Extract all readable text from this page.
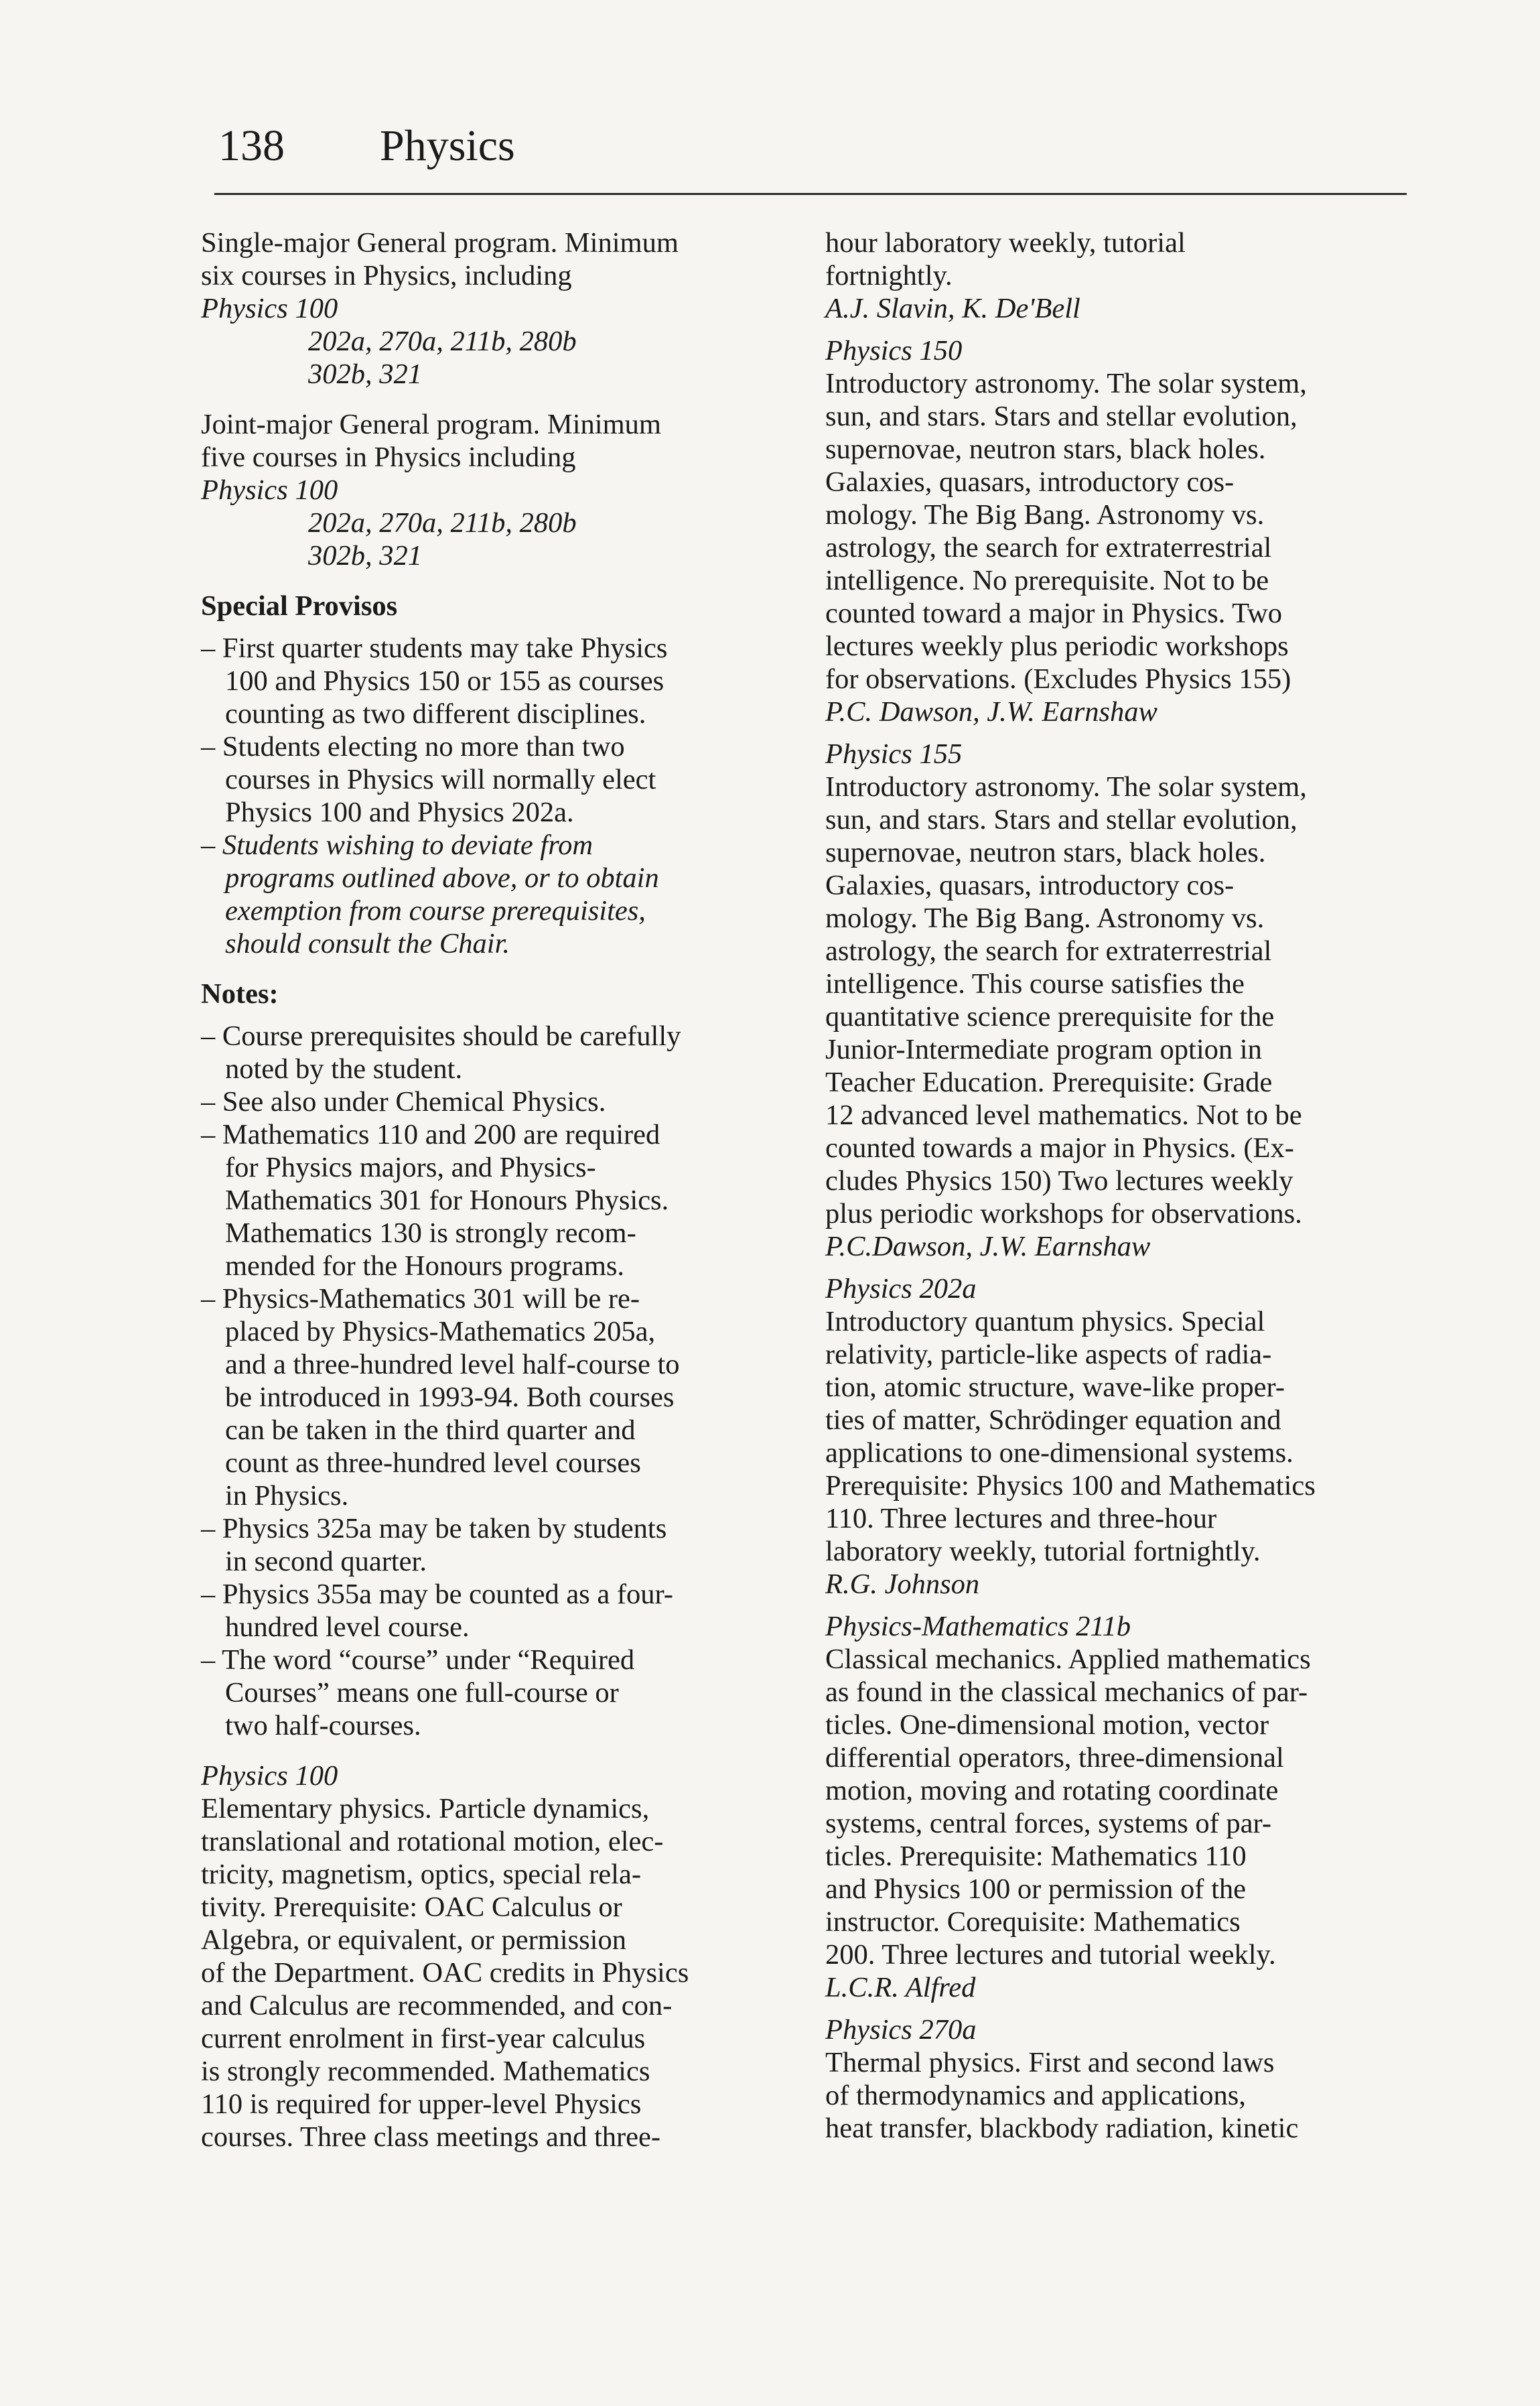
138 Physics
Single-major General program. Minimum
six courses in Physics, including
Physics 100
202a, 270a, 211b, 280b
302b, 321
Joint-major General program. Minimum
five courses in Physics including
Physics 100
202a, 270a, 211b, 280b
302b, 321
Special Provisos
– First quarter students may take Physics
100 and Physics 150 or 155 as courses
counting as two different disciplines.
– Students electing no more than two
courses in Physics will normally elect
Physics 100 and Physics 202a.
– Students wishing to deviate from
programs outlined above, or to obtain
exemption from course prerequisites,
should consult the Chair.
Notes:
– Course prerequisites should be carefully
noted by the student.
– See also under Chemical Physics.
– Mathematics 110 and 200 are required
for Physics majors, and Physics-
Mathematics 301 for Honours Physics.
Mathematics 130 is strongly recom-
mended for the Honours programs.
– Physics-Mathematics 301 will be re-
placed by Physics-Mathematics 205a,
and a three-hundred level half-course to
be introduced in 1993-94. Both courses
can be taken in the third quarter and
count as three-hundred level courses
in Physics.
– Physics 325a may be taken by students
in second quarter.
– Physics 355a may be counted as a four-
hundred level course.
– The word “course” under “Required
Courses” means one full-course or
two half-courses.
Physics 100
Elementary physics. Particle dynamics,
translational and rotational motion, elec-
tricity, magnetism, optics, special rela-
tivity. Prerequisite: OAC Calculus or
Algebra, or equivalent, or permission
of the Department. OAC credits in Physics
and Calculus are recommended, and con-
current enrolment in first-year calculus
is strongly recommended. Mathematics
110 is required for upper-level Physics
courses. Three class meetings and three-
hour laboratory weekly, tutorial
fortnightly.
A.J. Slavin, K. De'Bell
Physics 150
Introductory astronomy. The solar system,
sun, and stars. Stars and stellar evolution,
supernovae, neutron stars, black holes.
Galaxies, quasars, introductory cos-
mology. The Big Bang. Astronomy vs.
astrology, the search for extraterrestrial
intelligence. No prerequisite. Not to be
counted toward a major in Physics. Two
lectures weekly plus periodic workshops
for observations. (Excludes Physics 155)
P.C. Dawson, J.W. Earnshaw
Physics 155
Introductory astronomy. The solar system,
sun, and stars. Stars and stellar evolution,
supernovae, neutron stars, black holes.
Galaxies, quasars, introductory cos-
mology. The Big Bang. Astronomy vs.
astrology, the search for extraterrestrial
intelligence. This course satisfies the
quantitative science prerequisite for the
Junior-Intermediate program option in
Teacher Education. Prerequisite: Grade
12 advanced level mathematics. Not to be
counted towards a major in Physics. (Ex-
cludes Physics 150) Two lectures weekly
plus periodic workshops for observations.
P.C.Dawson, J.W. Earnshaw
Physics 202a
Introductory quantum physics. Special
relativity, particle-like aspects of radia-
tion, atomic structure, wave-like proper-
ties of matter, Schrödinger equation and
applications to one-dimensional systems.
Prerequisite: Physics 100 and Mathematics
110. Three lectures and three-hour
laboratory weekly, tutorial fortnightly.
R.G. Johnson
Physics-Mathematics 211b
Classical mechanics. Applied mathematics
as found in the classical mechanics of par-
ticles. One-dimensional motion, vector
differential operators, three-dimensional
motion, moving and rotating coordinate
systems, central forces, systems of par-
ticles. Prerequisite: Mathematics 110
and Physics 100 or permission of the
instructor. Corequisite: Mathematics
200. Three lectures and tutorial weekly.
L.C.R. Alfred
Physics 270a
Thermal physics. First and second laws
of thermodynamics and applications,
heat transfer, blackbody radiation, kinetic
